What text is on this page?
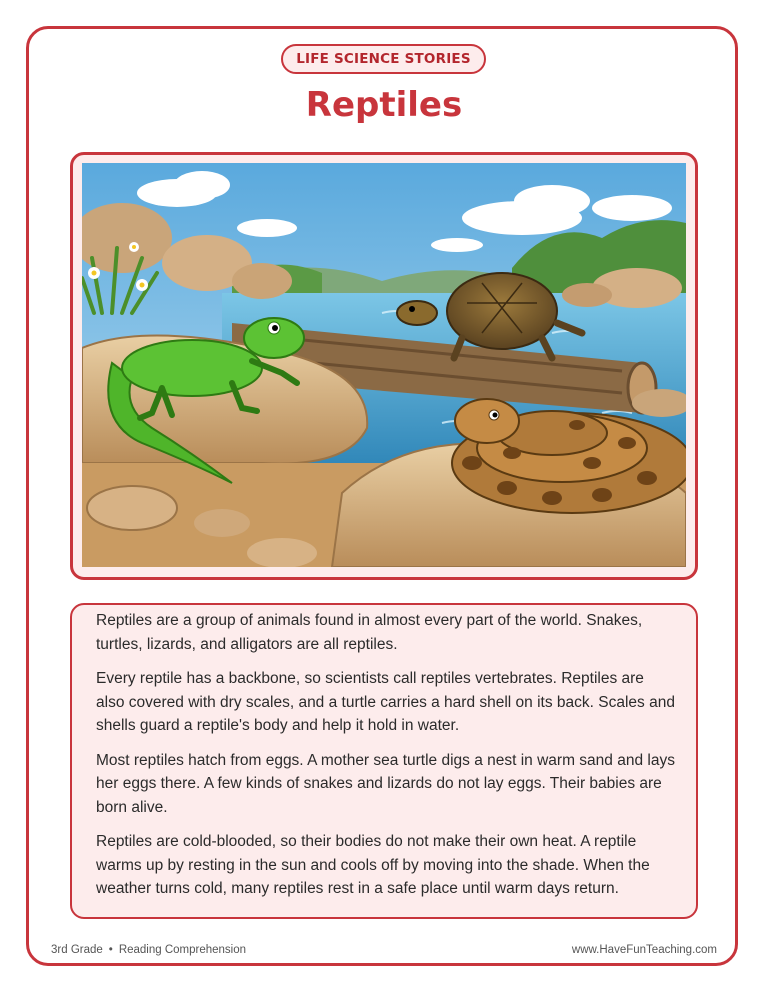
LIFE SCIENCE STORIES
Reptiles

Reptiles are a group of animals found in almost every part of the world. Snakes, turtles, lizards, and alligators are all reptiles.

Every reptile has a backbone, so scientists call reptiles vertebrates. Reptiles are also covered with dry scales, and a turtle carries a hard shell on its back. Scales and shells guard a reptile's body and help it hold in water.

Most reptiles hatch from eggs. A mother sea turtle digs a nest in warm sand and lays her eggs there. A few kinds of snakes and lizards do not lay eggs. Their babies are born alive.

Reptiles are cold-blooded, so their bodies do not make their own heat. A reptile warms up by resting in the sun and cools off by moving into the shade. When the weather turns cold, many reptiles rest in a safe place until warm days return.

3rd Grade • Reading Comprehension	www.HaveFunTeaching.com
